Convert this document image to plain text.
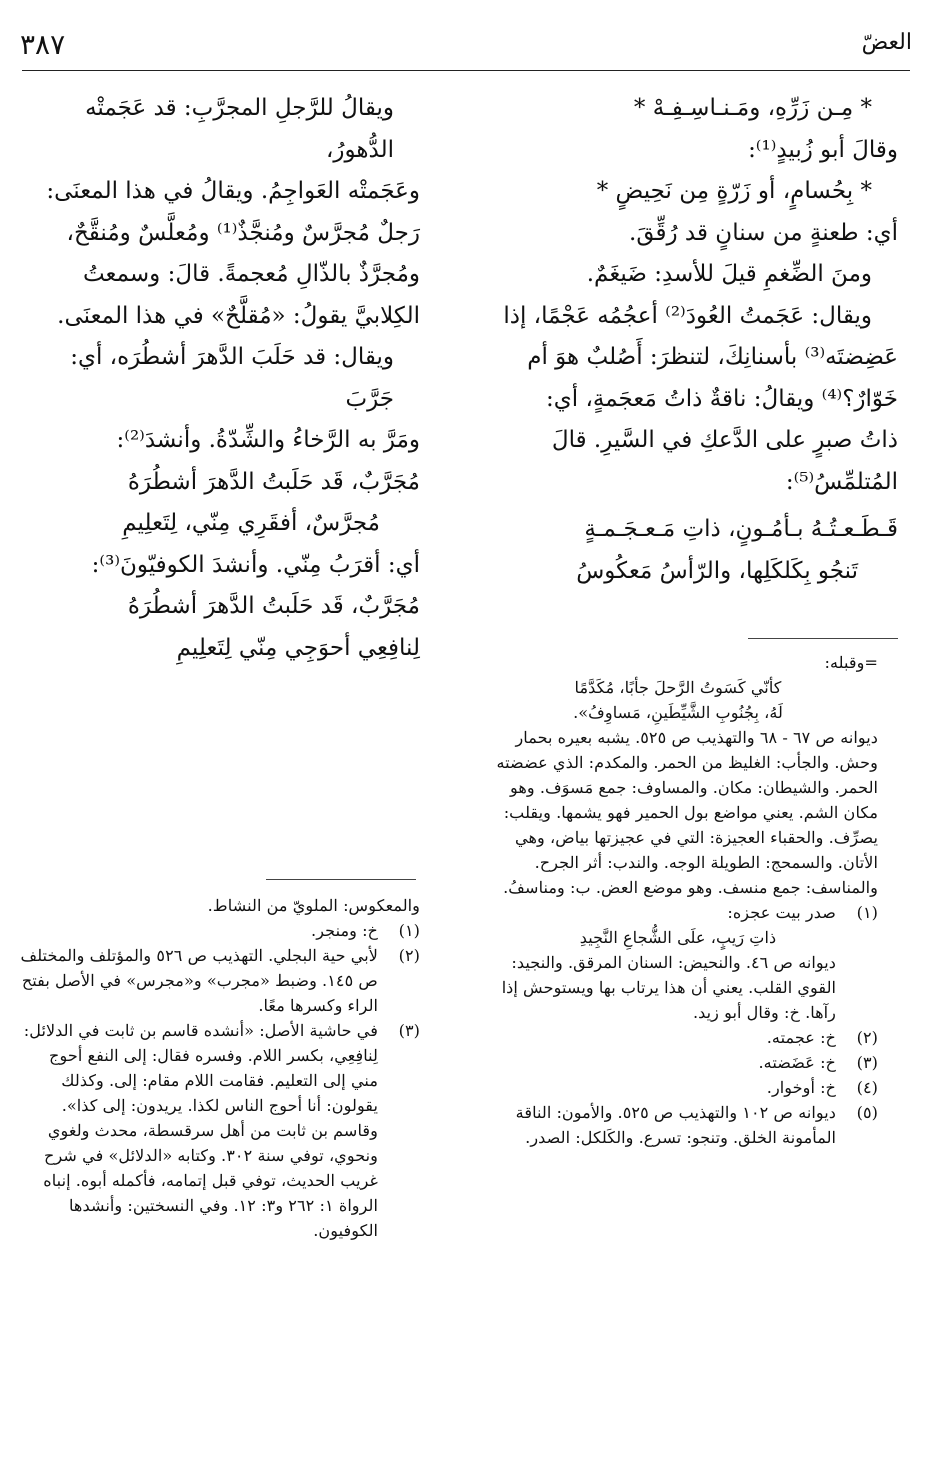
٣٨٧	العضّ

* مِـن زَرِّهِ، ومَـنـاسِـفِـهْ *

وقالَ أبو زُبيدٍ⁽¹⁾:

* بِحُسامٍ، أو زَرّةٍ مِن نَحِيضٍ *

أي: طعنةٍ من سنانٍ قد رُقِّقَ.

ومنَ الضِّغمِ قيلَ للأسدِ: ضَيغَمٌ.

ويقال: عَجَمتُ العُودَ⁽²⁾ أعجُمُه عَجْمًا، إذا

عَضِضتَه⁽³⁾ بأسنانِكَ، لتنظرَ: أَصُلبٌ هوَ أم

خَوّارٌ؟⁽⁴⁾ ويقالُ: ناقةٌ ذاتُ مَعجَمةٍ، أي:

ذاتُ صبرٍ على الدَّعكِ في السَّيرِ. قالَ

المُتلمِّسُ⁽⁵⁾:

قَـطَـعـتُـهُ بـأمُـونٍ، ذاتِ مَـعـجَـمـةٍ

تَنجُو بِكَلكَلِها، والرّأسُ مَعكُوسُ

ويقالُ للرَّجلِ المجرَّبِ: قد عَجَمتْه الدُّهورُ،

وعَجَمتْه العَواجِمُ. ويقالُ في هذا المعنَى:

رَجلٌ مُجرَّسٌ ومُنجَّذٌ⁽¹⁾ ومُعلَّسٌ ومُنقَّحٌ،

ومُجرَّذٌ بالذّالِ مُعجمةً. قالَ: وسمعتُ

الكِلابيَّ يقولُ: «مُقلَّحٌ» في هذا المعنَى.

ويقال: قد حَلَبَ الدَّهرَ أشطُرَه، أي: جَرَّبَ

ومَرَّ به الرَّخاءُ والشِّدّةُ. وأنشدَ⁽²⁾:

مُجَرَّبٌ، قَد حَلَبتُ الدَّهرَ أشطُرَهُ

مُجرَّسٌ، أفقَرِي مِنّي، لِتَعلِيمِ

أي: أقرَبُ مِنّي. وأنشدَ الكوفيّونَ⁽³⁾:

مُجَرَّبٌ، قَد حَلَبتُ الدَّهرَ أشطُرَهُ

لِنافِعِي أحوَجِي مِنّي لِتَعلِيمِ

=وقبله:

كأنّي كَسَوتُ الرَّحلَ جأبًا، مُكَدَّمًا
لَهُ، بِجُنُوبِ الشَّيِّطَينِ، مَساوِفُ».

ديوانه ص ٦٧ - ٦٨ والتهذيب ص ٥٢٥. يشبه بعيره بحمار وحش. والجأب: الغليظ من الحمر. والمكدم: الذي عضضته الحمر. والشيطان: مكان. والمساوف: جمع مَسوَف. وهو مكان الشم. يعني مواضع بول الحمير فهو يشمها. ويقلب: يصرِّف. والحقباء العجيزة: التي في عجيزتها بياض، وهي الأتان. والسمحج: الطويلة الوجه. والندب: أثر الجرح. والمناسف: جمع منسف. وهو موضع العض. ب: ومناسفُ.

(١)
صدر بيت عجزه:
ذاتِ رَيبٍ، علَى الشُّجاعِ النَّجِيدِ
ديوانه ص ٤٦. والنحيض: السنان المرقق. والنجيد: القوي القلب. يعني أن هذا يرتاب بها ويستوحش إذا رآها. خ: وقال أبو زيد.
(٢)
خ: عجمته.
(٣)
خ: عَضَضته.
(٤)
خ: أوخوار.
(٥)
ديوانه ص ١٠٢ والتهذيب ص ٥٢٥. والأمون: الناقة المأمونة الخلق. وتنجو: تسرع. والكَلكل: الصدر.

والمعكوس: الملويّ من النشاط.

(١)
خ: ومنجر.
(٢)
لأبي حية البجلي. التهذيب ص ٥٢٦ والمؤتلف والمختلف ص ١٤٥. وضبط «مجرب» و«مجرس» في الأصل بفتح الراء وكسرها معًا.
(٣)
في حاشية الأصل: «أنشده قاسم بن ثابت في الدلائل: لِنافِعِي، بكسر اللام. وفسره فقال: إلى النفع أحوج مني إلى التعليم. فقامت اللام مقام: إلى. وكذلك يقولون: أنا أحوج الناس لكذا. يريدون: إلى كذا». وقاسم بن ثابت من أهل سرقسطة، محدث ولغوي ونحوي، توفي سنة ٣٠٢. وكتابه «الدلائل» في شرح غريب الحديث، توفي قبل إتمامه، فأكمله أبوه. إنباه الرواة ١: ٢٦٢ و٣: ١٢. وفي النسختين: وأنشدها الكوفيون.
